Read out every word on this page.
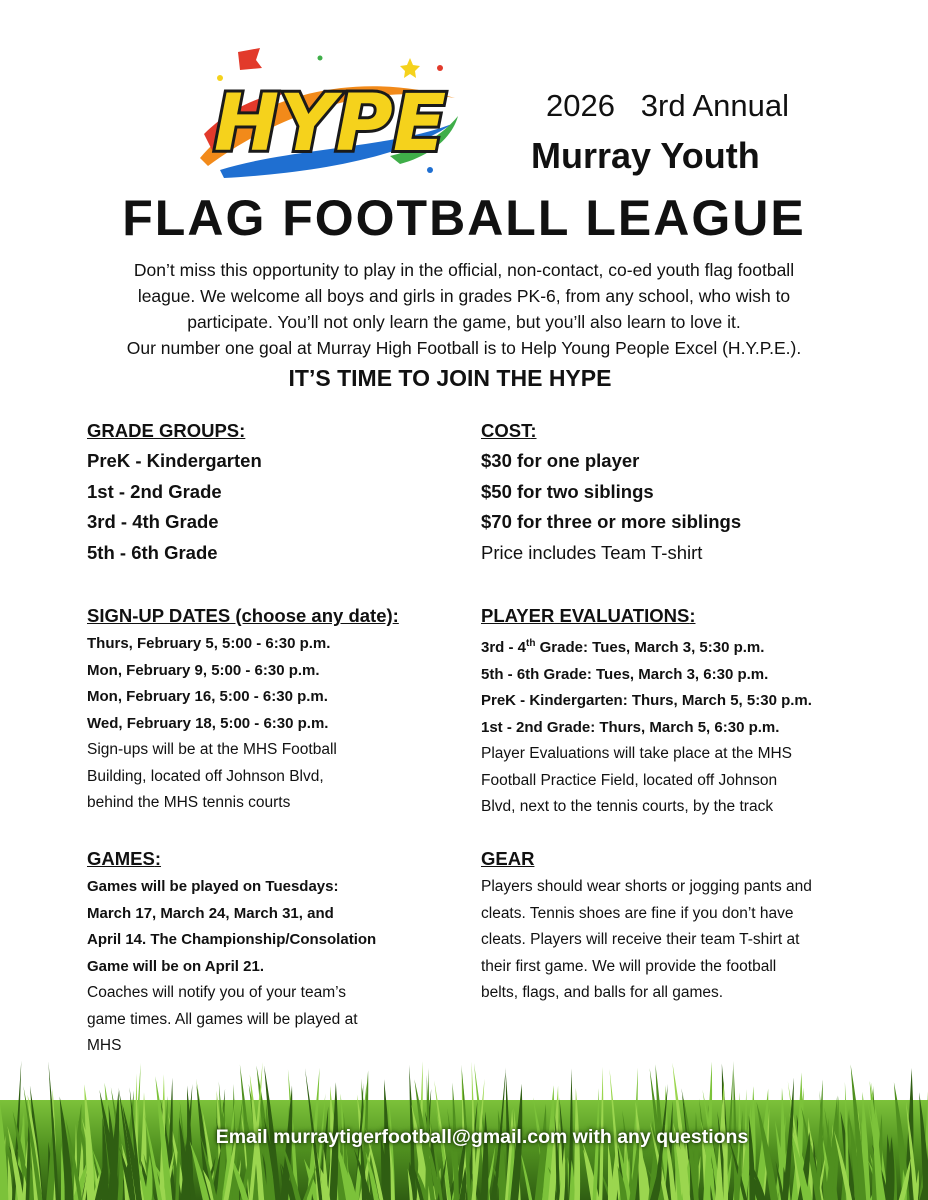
HYPE	2026   3rd Annual
Murray Youth
FLAG FOOTBALL LEAGUE

Don’t miss this opportunity to play in the official, non-contact, co-ed youth flag football

league. We welcome all boys and girls in grades PK-6, from any school, who wish to

participate. You’ll not only learn the game, but you’ll also learn to love it.

Our number one goal at Murray High Football is to Help Young People Excel (H.Y.P.E.).

IT’S TIME TO JOIN THE HYPE
GRADE GROUPS:
PreK - Kindergarten
1st - 2nd Grade
3rd - 4th Grade
5th - 6th Grade
COST:
$30 for one player
$50 for two siblings
$70 for three or more siblings
Price includes Team T-shirt
SIGN-UP DATES (choose any date):
Thurs, February 5, 5:00 - 6:30 p.m.
Mon, February 9, 5:00 - 6:30 p.m.
Mon, February 16, 5:00 - 6:30 p.m.
Wed, February 18, 5:00 - 6:30 p.m.
Sign-ups will be at the MHS Football
Building, located off Johnson Blvd,
behind the MHS tennis courts
PLAYER EVALUATIONS:
3rd - 4th Grade: Tues, March 3, 5:30 p.m.
5th - 6th Grade: Tues, March 3, 6:30 p.m.
PreK - Kindergarten: Thurs, March 5, 5:30 p.m.
1st - 2nd Grade: Thurs, March 5, 6:30 p.m.
Player Evaluations will take place at the MHS
Football Practice Field, located off Johnson
Blvd, next to the tennis courts, by the track
GAMES:
Games will be played on Tuesdays:
March 17, March 24, March 31, and
April 14. The Championship/Consolation
Game will be on April 21.
Coaches will notify you of your team’s
game times. All games will be played at
MHS
GEAR
Players should wear shorts or jogging pants and
cleats. Tennis shoes are fine if you don’t have
cleats. Players will receive their team T-shirt at
their first game. We will provide the football
belts, flags, and balls for all games.
Email murraytigerfootball@gmail.com with any questions
